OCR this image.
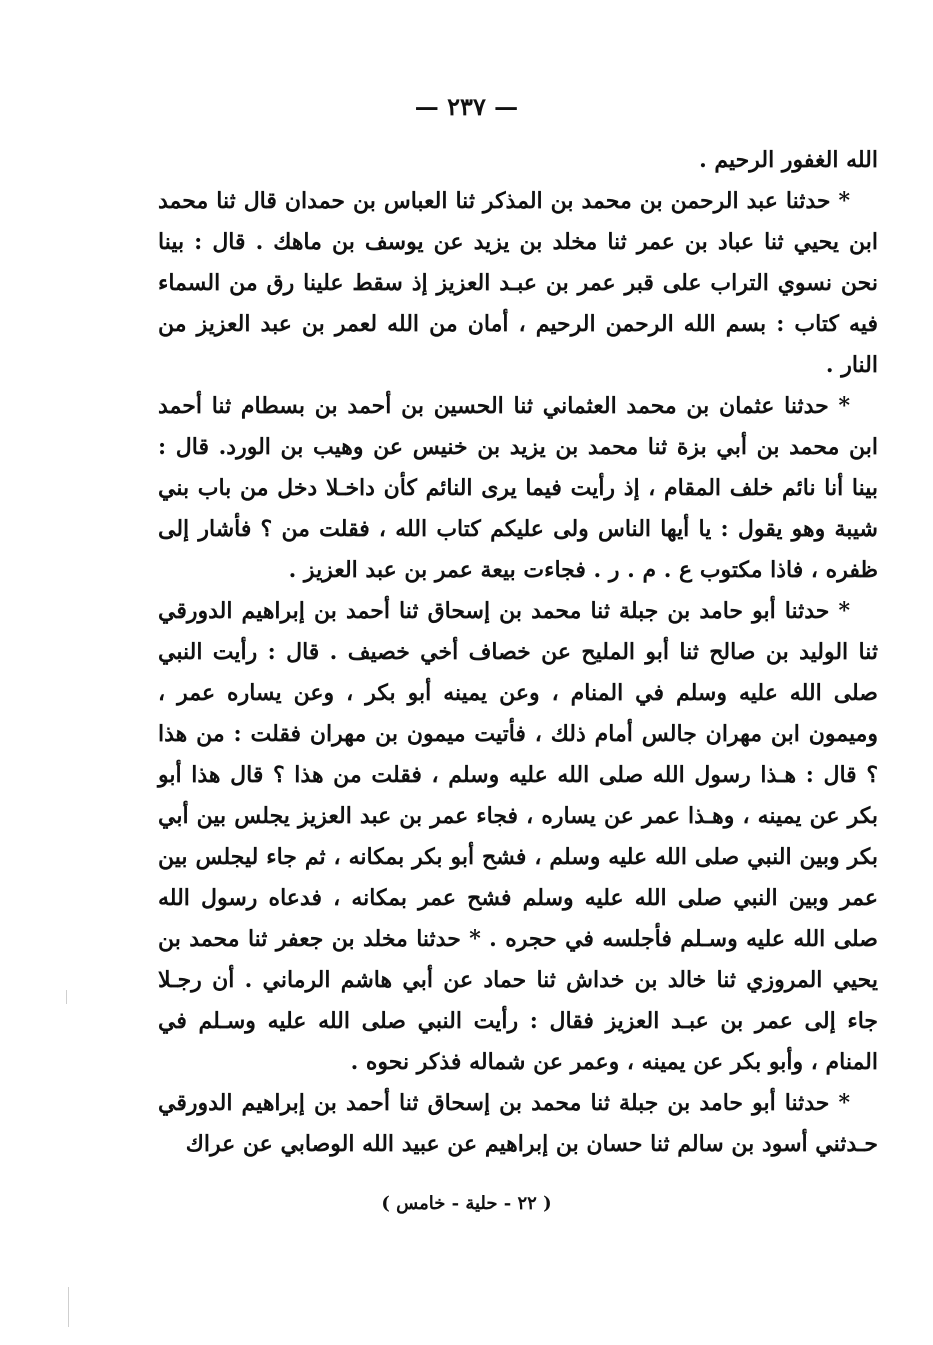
— ٢٣٧ —

الله الغفور الرحيم .

* حدثنا عبد الرحمن بن محمد بن المذكر ثنا العباس بن حمدان قال ثنا محمد ابن يحيي ثنا عباد بن عمر ثنا مخلد بن يزيد عن يوسف بن ماهك . قال : بينا نحن نسوي التراب على قبر عمر بن عبـد العزيز إذ سقط علينا رق من السماء فيه كتاب : بسم الله الرحمن الرحيم ، أمان من الله لعمر بن عبد العزيز من النار .

* حدثنا عثمان بن محمد العثماني ثنا الحسين بن أحمد بن بسطام ثنا أحمد ابن محمد بن أبي بزة ثنا محمد بن يزيد بن خنيس عن وهيب بن الورد. قال : بينا أنا نائم خلف المقام ، إذ رأيت فيما يرى النائم كأن داخـلا دخل من باب بني شيبة وهو يقول : يا أيها الناس ولى عليكم كتاب الله ، فقلت من ؟ فأشار إلى ظفره ، فاذا مكتوب ع . م . ر . فجاءت بيعة عمر بن عبد العزيز .

* حدثنا أبو حامد بن جبلة ثنا محمد بن إسحاق ثنا أحمد بن إبراهيم الدورقي ثنا الوليد بن صالح ثنا أبو المليح عن خصاف أخي خصيف . قال : رأيت النبي صلى الله عليه وسلم في المنام ، وعن يمينه أبو بكر ، وعن يساره عمر ، وميمون ابن مهران جالس أمام ذلك ، فأتيت ميمون بن مهران فقلت : من هذا ؟ قال : هـذا رسول الله صلى الله عليه وسلم ، فقلت من هذا ؟ قال هذا أبو بكر عن يمينه ، وهـذا عمر عن يساره ، فجاء عمر بن عبد العزيز يجلس بين أبي بكر وبين النبي صلى الله عليه وسلم ، فشح أبو بكر بمكانه ، ثم جاء ليجلس بين عمر وبين النبي صلى الله عليه وسلم فشح عمر بمكانه ، فدعاه رسول الله صلى الله عليه وسـلم فأجلسه في حجره . * حدثنا مخلد بن جعفر ثنا محمد بن يحيي المروزي ثنا خالد بن خداش ثنا حماد عن أبي هاشم الرماني . أن رجـلا جاء إلى عمر بن عبـد العزيز فقال : رأيت النبي صلى الله عليه وسـلم في المنام ، وأبو بكر عن يمينه ، وعمر عن شماله فذكر نحوه .

* حدثنا أبو حامد بن جبلة ثنا محمد بن إسحاق ثنا أحمد بن إبراهيم الدورقي حـدثني أسود بن سالم ثنا حسان بن إبراهيم عن عبيد الله الوصابي عن عراك

( ٢٢ - حلية - خامس )
